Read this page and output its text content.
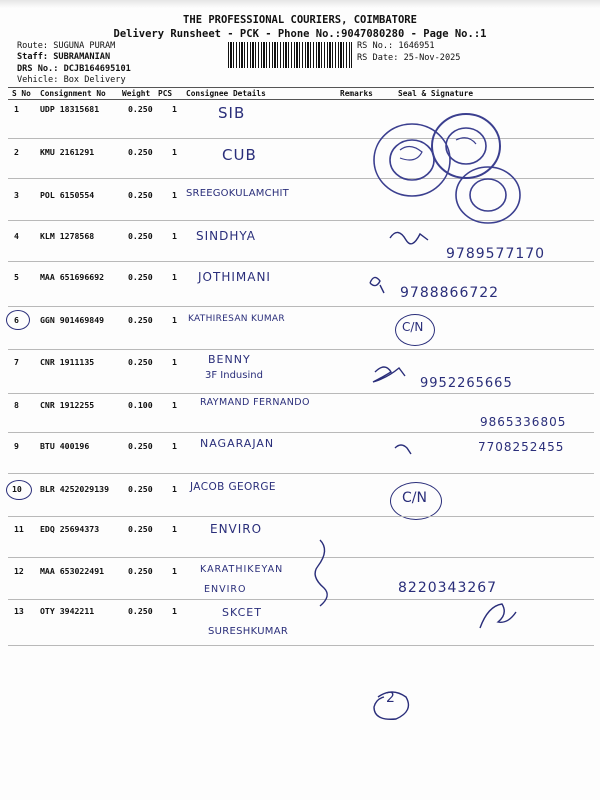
THE PROFESSIONAL COURIERS, COIMBATORE
Delivery Runsheet - PCK - Phone No.:9047080280 - Page No.:1
Route: SUGUNA PURAM
Staff: SUBRAMANIAN
DRS No.: DCJB164695101
Vehicle: Box Delivery
RS No.: 1646951
RS Date: 25-Nov-2025
S No Consignment No Weight PCS Consignee Details	Remarks	Seal & Signature
1	UDP 18315681	0.250 1	SIB
2	KMU 2161291	0.250 1	CUB
3	POL 6150554	0.250 1 SREEGOKULAMCHIT
4	KLM 1278568	0.250 1 SINDHYA
9789577170
5	MAA 651696692	0.250 1 JOTHIMANI
9788866722
6	GGN 901469849	0.250 1 KATHIRESAN KUMAR
C/N
7	CNR 1911135	0.250 1	BENNY
3F Indusind
9952265665
8	CNR 1912255	0.100 1 RAYMAND FERNANDO
9865336805
9	BTU 400196	0.250 1 NAGARAJAN	7708252455
10 BLR 4252029139 0.250 1 JACOB GEORGE
C/N
11 EDQ 25694373	0.250 1	ENVIRO
12 MAA 653022491	0.250 1 KARATHIKEYAN
ENVIRO	8220343267
13 OTY 3942211	0.250 1	SKCET
SURESHKUMAR
2
